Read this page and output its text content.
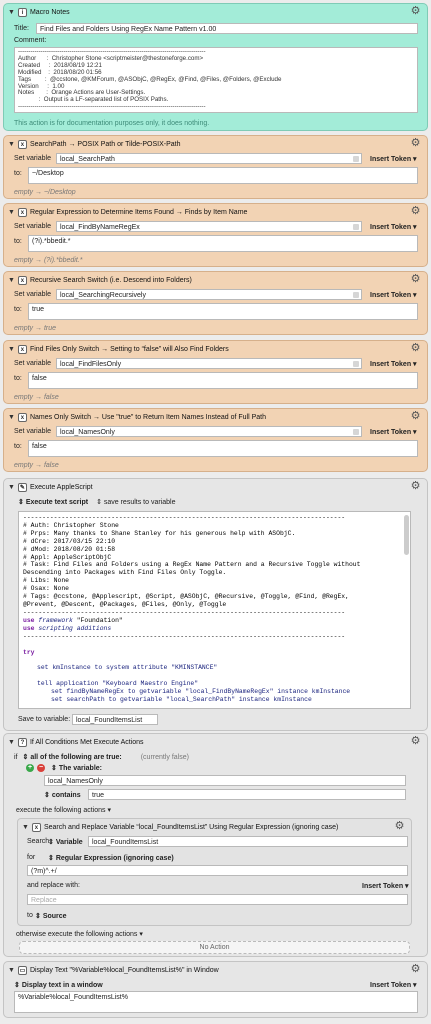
▼	i Macro Notes	⚙
Title:	Find Files and Folders Using RegEx Name Pattern v1.00
Comment:
-------------------------------------------------------------------------------------------
Author      :  Christopher Stone <scriptmeister@thestoneforge.com>
Created     :  2018/08/19 12:21
Modified    :  2018/08/20 01:56
Tags        :  @ccstone, @KMForum, @ASObjC, @RegEx, @Find, @Files, @Folders, @Exclude
Version     :  1.00
Notes       :  Orange Actions are User-Settings.
:  Output is a LF-separated list of POSIX Paths.
-------------------------------------------------------------------------------------------
This action is for documentation purposes only, it does nothing.
▼ x SearchPath → POSIX Path or Tilde-POSIX-Path	⚙
Set variable	local_SearchPath	Insert Token ▾
to:	~/Desktop
empty → ~/Desktop
▼ x Regular Expression to Determine Items Found → Finds by Item Name	⚙
Set variable	local_FindByNameRegEx	Insert Token ▾
to:	(?i).*bbedit.*
empty → (?i).*bbedit.*
▼ x Recursive Search Switch (i.e. Descend into Folders)	⚙
Set variable	local_SearchingRecursively	Insert Token ▾
to:	true
empty → true
▼ x Find Files Only Switch → Setting to “false” will Also Find Folders	⚙
Set variable	local_FindFilesOnly	Insert Token ▾
to:	false
empty → false
▼ x Names Only Switch → Use "true" to Return Item Names Instead of Full Path	⚙
Set variable	local_NamesOnly	Insert Token ▾
to:	false
empty → false
▼ ✎ Execute AppleScript	⚙
⇕ Execute text script ⇕ save results to variable
------------------------------------------------------------------------------------
# Auth: Christopher Stone
# Prps: Many thanks to Shane Stanley for his generous help with ASObjC.
# dCre: 2017/03/15 22:10
# dMod: 2018/08/20 01:58
# Appl: AppleScriptObjC
# Task: Find Files and Folders using a RegEx Name Pattern and a Recursive Toggle without
Descending into Packages with Find Files Only Toggle.
# Libs: None
# Osax: None
# Tags: @ccstone, @Applescript, @Script, @ASObjC, @Recursive, @Toggle, @Find, @RegEx,
@Prevent, @Descent, @Packages, @Files, @Only, @Toggle
------------------------------------------------------------------------------------
use framework "Foundation"
use scripting additions
------------------------------------------------------------------------------------
try
set kmInstance to system attribute "KMINSTANCE"
tell application "Keyboard Maestro Engine"
set findByNameRegEx to getvariable "local_FindByNameRegEx" instance kmInstance
set searchPath to getvariable "local_SearchPath" instance kmInstance
Save to variable: local_FoundItemsList
▼ ? If All Conditions Met Execute Actions	⚙
if ⇕ all of the following are true:	(currently false)
+ − ⇕ The variable:
local_NamesOnly
⇕ contains	true
execute the following actions ▾
▼ x Search and Replace Variable “local_FoundItemsList” Using Regular Expression (ignoring case)	⚙
Search
⇕ Variable	local_FoundItemsList
for ⇕ Regular Expression (ignoring case)
(?m)^.+/
and replace with:	Insert Token ▾
Replace
to ⇕ Source
otherwise execute the following actions ▾
No Action
▼ ▭ Display Text "%Variable%local_FoundItemsList%" in Window	⚙
⇕ Display text in a window	Insert Token ▾
%Variable%local_FoundItemsList%
